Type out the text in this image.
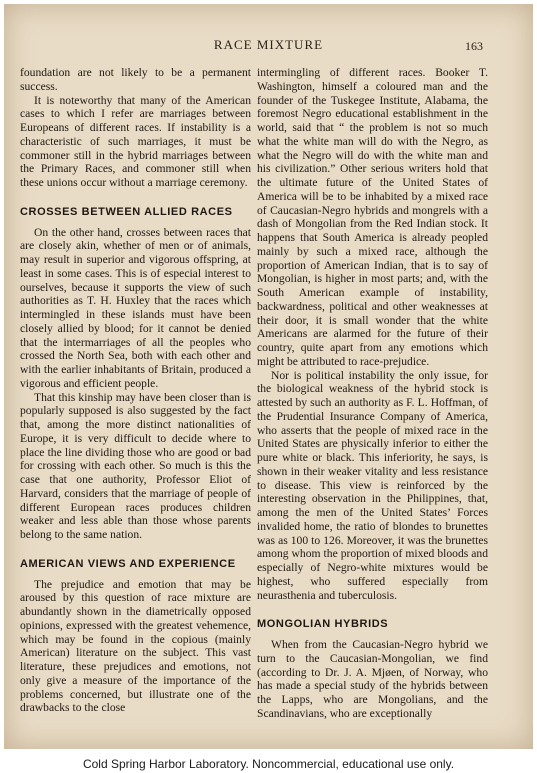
RACE MIXTURE	163

foundation are not likely to be a permanent success.

It is noteworthy that many of the American cases to which I refer are marriages between Europeans of different races. If instability is a characteristic of such marriages, it must be commoner still in the hybrid marriages between the Primary Races, and commoner still when these unions occur without a marriage ceremony.

CROSSES BETWEEN ALLIED RACES

On the other hand, crosses between races that are closely akin, whether of men or of animals, may result in superior and vigorous offspring, at least in some cases. This is of especial interest to ourselves, because it supports the view of such authorities as T. H. Huxley that the races which intermingled in these islands must have been closely allied by blood; for it cannot be denied that the intermarriages of all the peoples who crossed the North Sea, both with each other and with the earlier inhabitants of Britain, produced a vigorous and efficient people.

That this kinship may have been closer than is popularly supposed is also suggested by the fact that, among the more distinct nationalities of Europe, it is very difficult to decide where to place the line dividing those who are good or bad for crossing with each other. So much is this the case that one authority, Professor Eliot of Harvard, considers that the marriage of people of different European races produces children weaker and less able than those whose parents belong to the same nation.

AMERICAN VIEWS AND EXPERIENCE

The prejudice and emotion that may be aroused by this question of race mixture are abundantly shown in the diametrically opposed opinions, expressed with the greatest vehemence, which may be found in the copious (mainly American) literature on the subject. This vast literature, these prejudices and emotions, not only give a measure of the importance of the problems concerned, but illustrate one of the drawbacks to the close

intermingling of different races. Booker T. Washington, himself a coloured man and the founder of the Tuskegee Institute, Alabama, the foremost Negro educational establishment in the world, said that “ the problem is not so much what the white man will do with the Negro, as what the Negro will do with the white man and his civilization.” Other serious writers hold that the ultimate future of the United States of America will be to be inhabited by a mixed race of Caucasian-Negro hybrids and mongrels with a dash of Mongolian from the Red Indian stock. It happens that South America is already peopled mainly by such a mixed race, although the proportion of American Indian, that is to say of Mongolian, is higher in most parts; and, with the South American example of instability, backwardness, political and other weaknesses at their door, it is small wonder that the white Americans are alarmed for the future of their country, quite apart from any emotions which might be attributed to race-prejudice.

Nor is political instability the only issue, for the biological weakness of the hybrid stock is attested by such an authority as F. L. Hoffman, of the Prudential Insurance Company of America, who asserts that the people of mixed race in the United States are physically inferior to either the pure white or black. This inferiority, he says, is shown in their weaker vitality and less resistance to disease. This view is reinforced by the interesting observation in the Philippines, that, among the men of the United States’ Forces invalided home, the ratio of blondes to brunettes was as 100 to 126. Moreover, it was the brunettes among whom the proportion of mixed bloods and especially of Negro-white mixtures would be highest, who suffered especially from neurasthenia and tuberculosis.

MONGOLIAN HYBRIDS

When from the Caucasian-Negro hybrid we turn to the Caucasian-Mongolian, we find (according to Dr. J. A. Mjøen, of Norway, who has made a special study of the hybrids between the Lapps, who are Mongolians, and the Scandinavians, who are exceptionally

Cold Spring Harbor Laboratory. Noncommercial, educational use only.
